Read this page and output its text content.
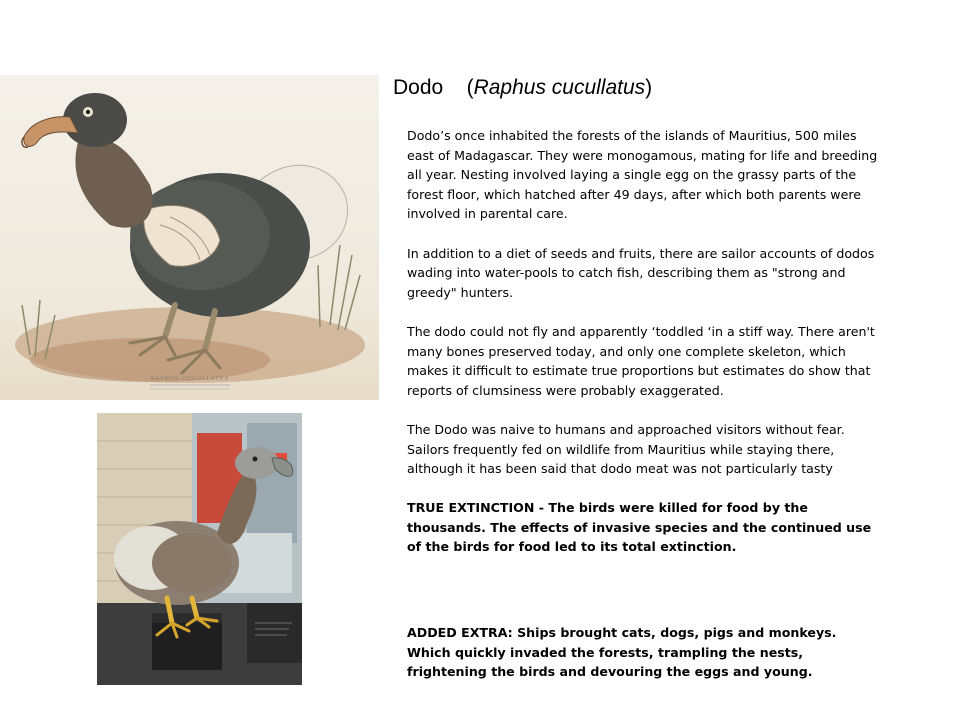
RAPHUS CUCULLATUS
Dodo (Raphus cucullatus)

Dodo’s once inhabited the forests of the islands of Mauritius, 500 miles east of Madagascar. They were monogamous, mating for life and breeding all year. Nesting involved laying a single egg on the grassy parts of the forest floor, which hatched after 49 days, after which both parents were involved in parental care.

In addition to a diet of seeds and fruits, there are sailor accounts of dodos wading into water-pools to catch fish, describing them as "strong and greedy" hunters.

The dodo could not fly and apparently ‘toddled ‘in a stiff way. There aren't many bones preserved today, and only one complete skeleton, which makes it difficult to estimate true proportions but estimates do show that reports of clumsiness were probably exaggerated.

The Dodo was naive to humans and approached visitors without fear. Sailors frequently fed on wildlife from Mauritius while staying there, although it has been said that dodo meat was not particularly tasty

TRUE EXTINCTION - The birds were killed for food by the thousands. The effects of invasive species and the continued use of the birds for food led to its total extinction.

ADDED EXTRA: Ships brought cats, dogs, pigs and monkeys. Which quickly invaded the forests, trampling the nests, frightening the birds and devouring the eggs and young.
